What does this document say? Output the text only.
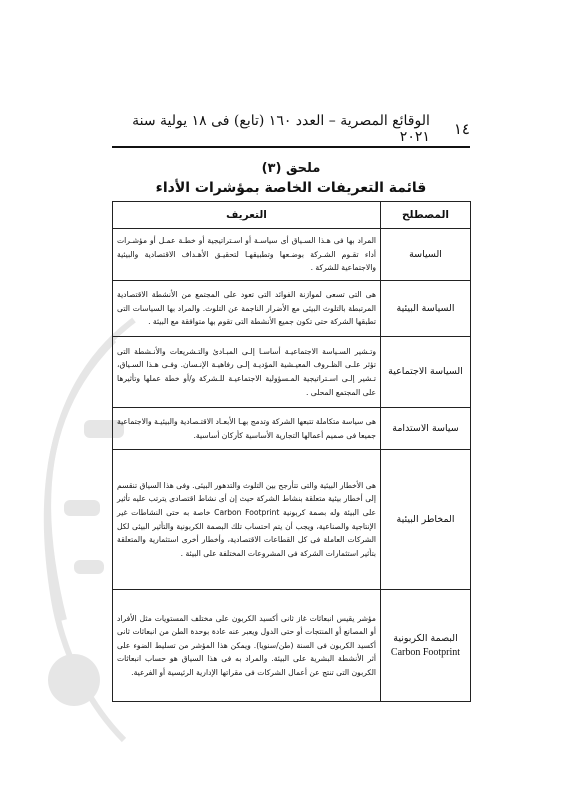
١٤
الوقائع المصرية – العدد ١٦٠ (تابع) فى ١٨ يولية سنة ٢٠٢١
ملحق (٣)
قائمة التعريفات الخاصة بمؤشرات الأداء
المصطلح	التعريف
السياسة	المراد بها فى هـذا السـياق أى سياسـة أو اسـتراتيجية أو خطـة عمـل أو مؤشـرات أداء تقـوم الشـركة بوضـعها وتطبيقهـا لتحقيـق الأهـداف الاقتصادية والبيئية والاجتماعية للشركة .
السياسة البيئية	هى التى تسعى لموازنة الفوائد التى تعود على المجتمع من الأنشطة الاقتصادية المرتبطة بالتلوث البيئى مع الأضرار الناجمة عن التلوث. والمراد بها السياسات التى تطبقها الشركة حتى تكون جميع الأنشطة التى تقوم بها متوافقة مع البيئة .
السياسة الاجتماعية	وتـشير السـياسة الاجتماعيـة أساسـا إلـى المبـادئ والتـشريعات والأنـشطة التى تؤثر علـى الظـروف المعيـشية المؤديـة إلـى رفاهيـة الإنـسان. وفـى هـذا السـياق، تـشير إلـى اسـتراتيجية المـسؤولية الاجتماعيـة للـشركة و/أو خطة عملها وتأثيرها على المجتمع المحلى .
سياسة الاستدامة	هى سياسة متكاملة تتبعها الشركة وتدمج بهـا الأبعـاد الاقتـصادية والبيئيـة والاجتماعية جميعا فى صميم أعمالها التجارية الأساسية كأركان أساسية.
المخاطر البيئية	هى الأخطار البيئية والتى تتأرجح بين التلوث والتدهور البيئى. وفى هذا السياق تنقسم إلى أخطار بيئية متعلقة بنشاط الشركة حيث إن أى نشاط اقتصادى يترتب عليه تأثير على البيئة وله بصمة كربونية Carbon Footprint خاصة به حتى النشاطات غير الإنتاجية والصناعية، ويجب أن يتم احتساب تلك البصمة الكربونية والتأثير البيئى لكل الشركات العاملة فى كل القطاعات الاقتصادية، وأخطار أخرى استثمارية والمتعلقة بتأثير استثمارات الشركة فى المشروعات المختلفة على البيئة .
البصمة الكربونية
Carbon Footprint	مؤشر يقيس انبعاثات غاز ثانى أكسيد الكربون على مختلف المستويات مثل الأفراد أو المصانع أو المنتجات أو حتى الدول ويعبر عنه عادة بوحدة الطن من انبعاثات ثانى أكسيد الكربون فى السنة (طن/سنويا). ويمكن هذا المؤشر من تسليط الضوء على أثر الأنشطة البشرية على البيئة. والمراد به فى هذا السياق هو حساب انبعاثات الكربون التى تنتج عن أعمال الشركات فى مقراتها الإدارية الرئيسية أو الفرعية.
